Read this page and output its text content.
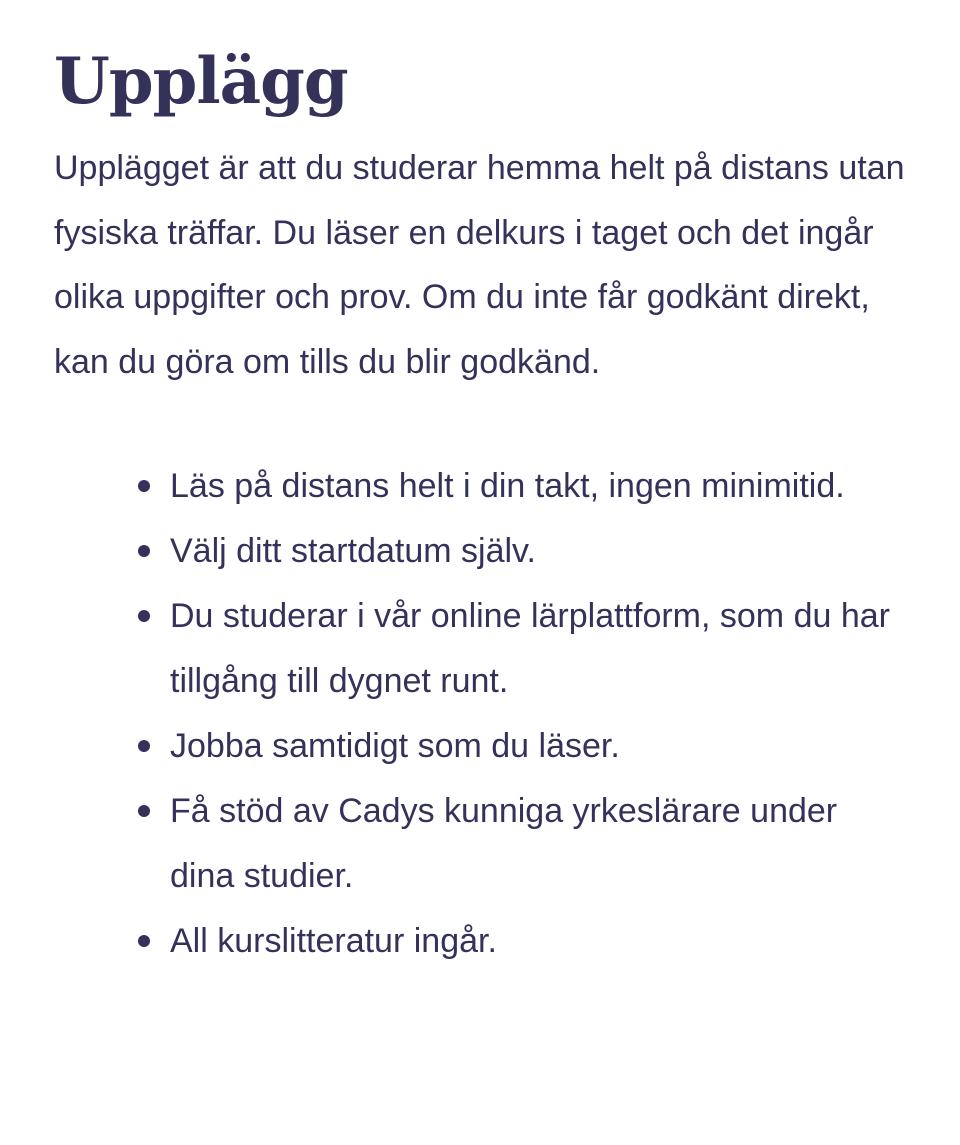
Upplägg

Upplägget är att du studerar hemma helt på distans utan fysiska träffar. Du läser en delkurs i taget och det ingår olika uppgifter och prov. Om du inte får godkänt direkt, kan du göra om tills du blir godkänd.

Läs på distans helt i din takt, ingen minimitid.
Välj ditt startdatum själv.
Du studerar i vår online lärplattform, som du har tillgång till dygnet runt.
Jobba samtidigt som du läser.
Få stöd av Cadys kunniga yrkeslärare under dina studier.
All kurslitteratur ingår.
